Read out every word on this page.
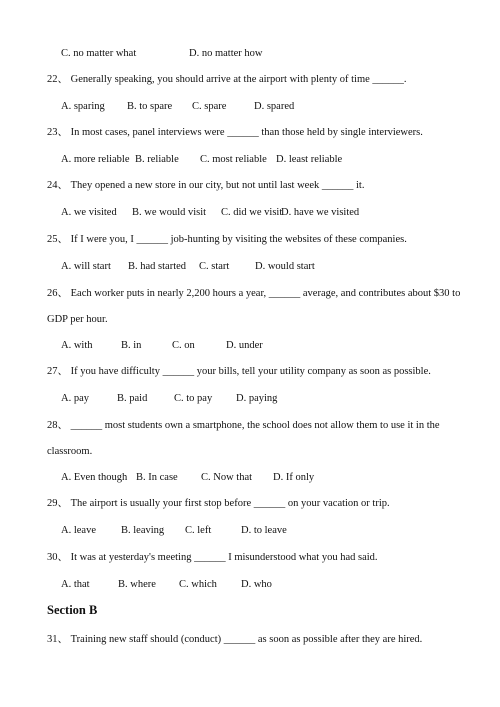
C. no matter what	D. no matter how
22、 Generally speaking, you should arrive at the airport with plenty of time ______.
A. sparing B. to spare C. spare	D. spared
23、 In most cases, panel interviews were ______ than those held by single interviewers.
A. more reliable B. reliable C. most reliable D. least reliable
24、 They opened a new store in our city, but not until last week ______ it.
A. we visited B. we would visit C. did we visit
D. have we visited
25、 If I were you, I ______ job-hunting by visiting the websites of these companies.
A. will start B. had started C. start D. would start
26、 Each worker puts in nearly 2,200 hours a year, ______ average, and contributes about $30 to
GDP per hour.
A. with	B. in	C. on	D. under
27、 If you have difficulty ______ your bills, tell your utility company as soon as possible.
A. pay	B. paid	C. to pay D. paying
28、 ______ most students own a smartphone, the school does not allow them to use it in the
classroom.
A. Even though B. In case C. Now that D. If only
29、 The airport is usually your first stop before ______ on your vacation or trip.
A. leave B. leaving C. left	D. to leave
30、 It was at yesterday's meeting ______ I misunderstood what you had said.
A. that	B. where C. which D. who
Section B
31、 Training new staff should (conduct) ______ as soon as possible after they are hired.
